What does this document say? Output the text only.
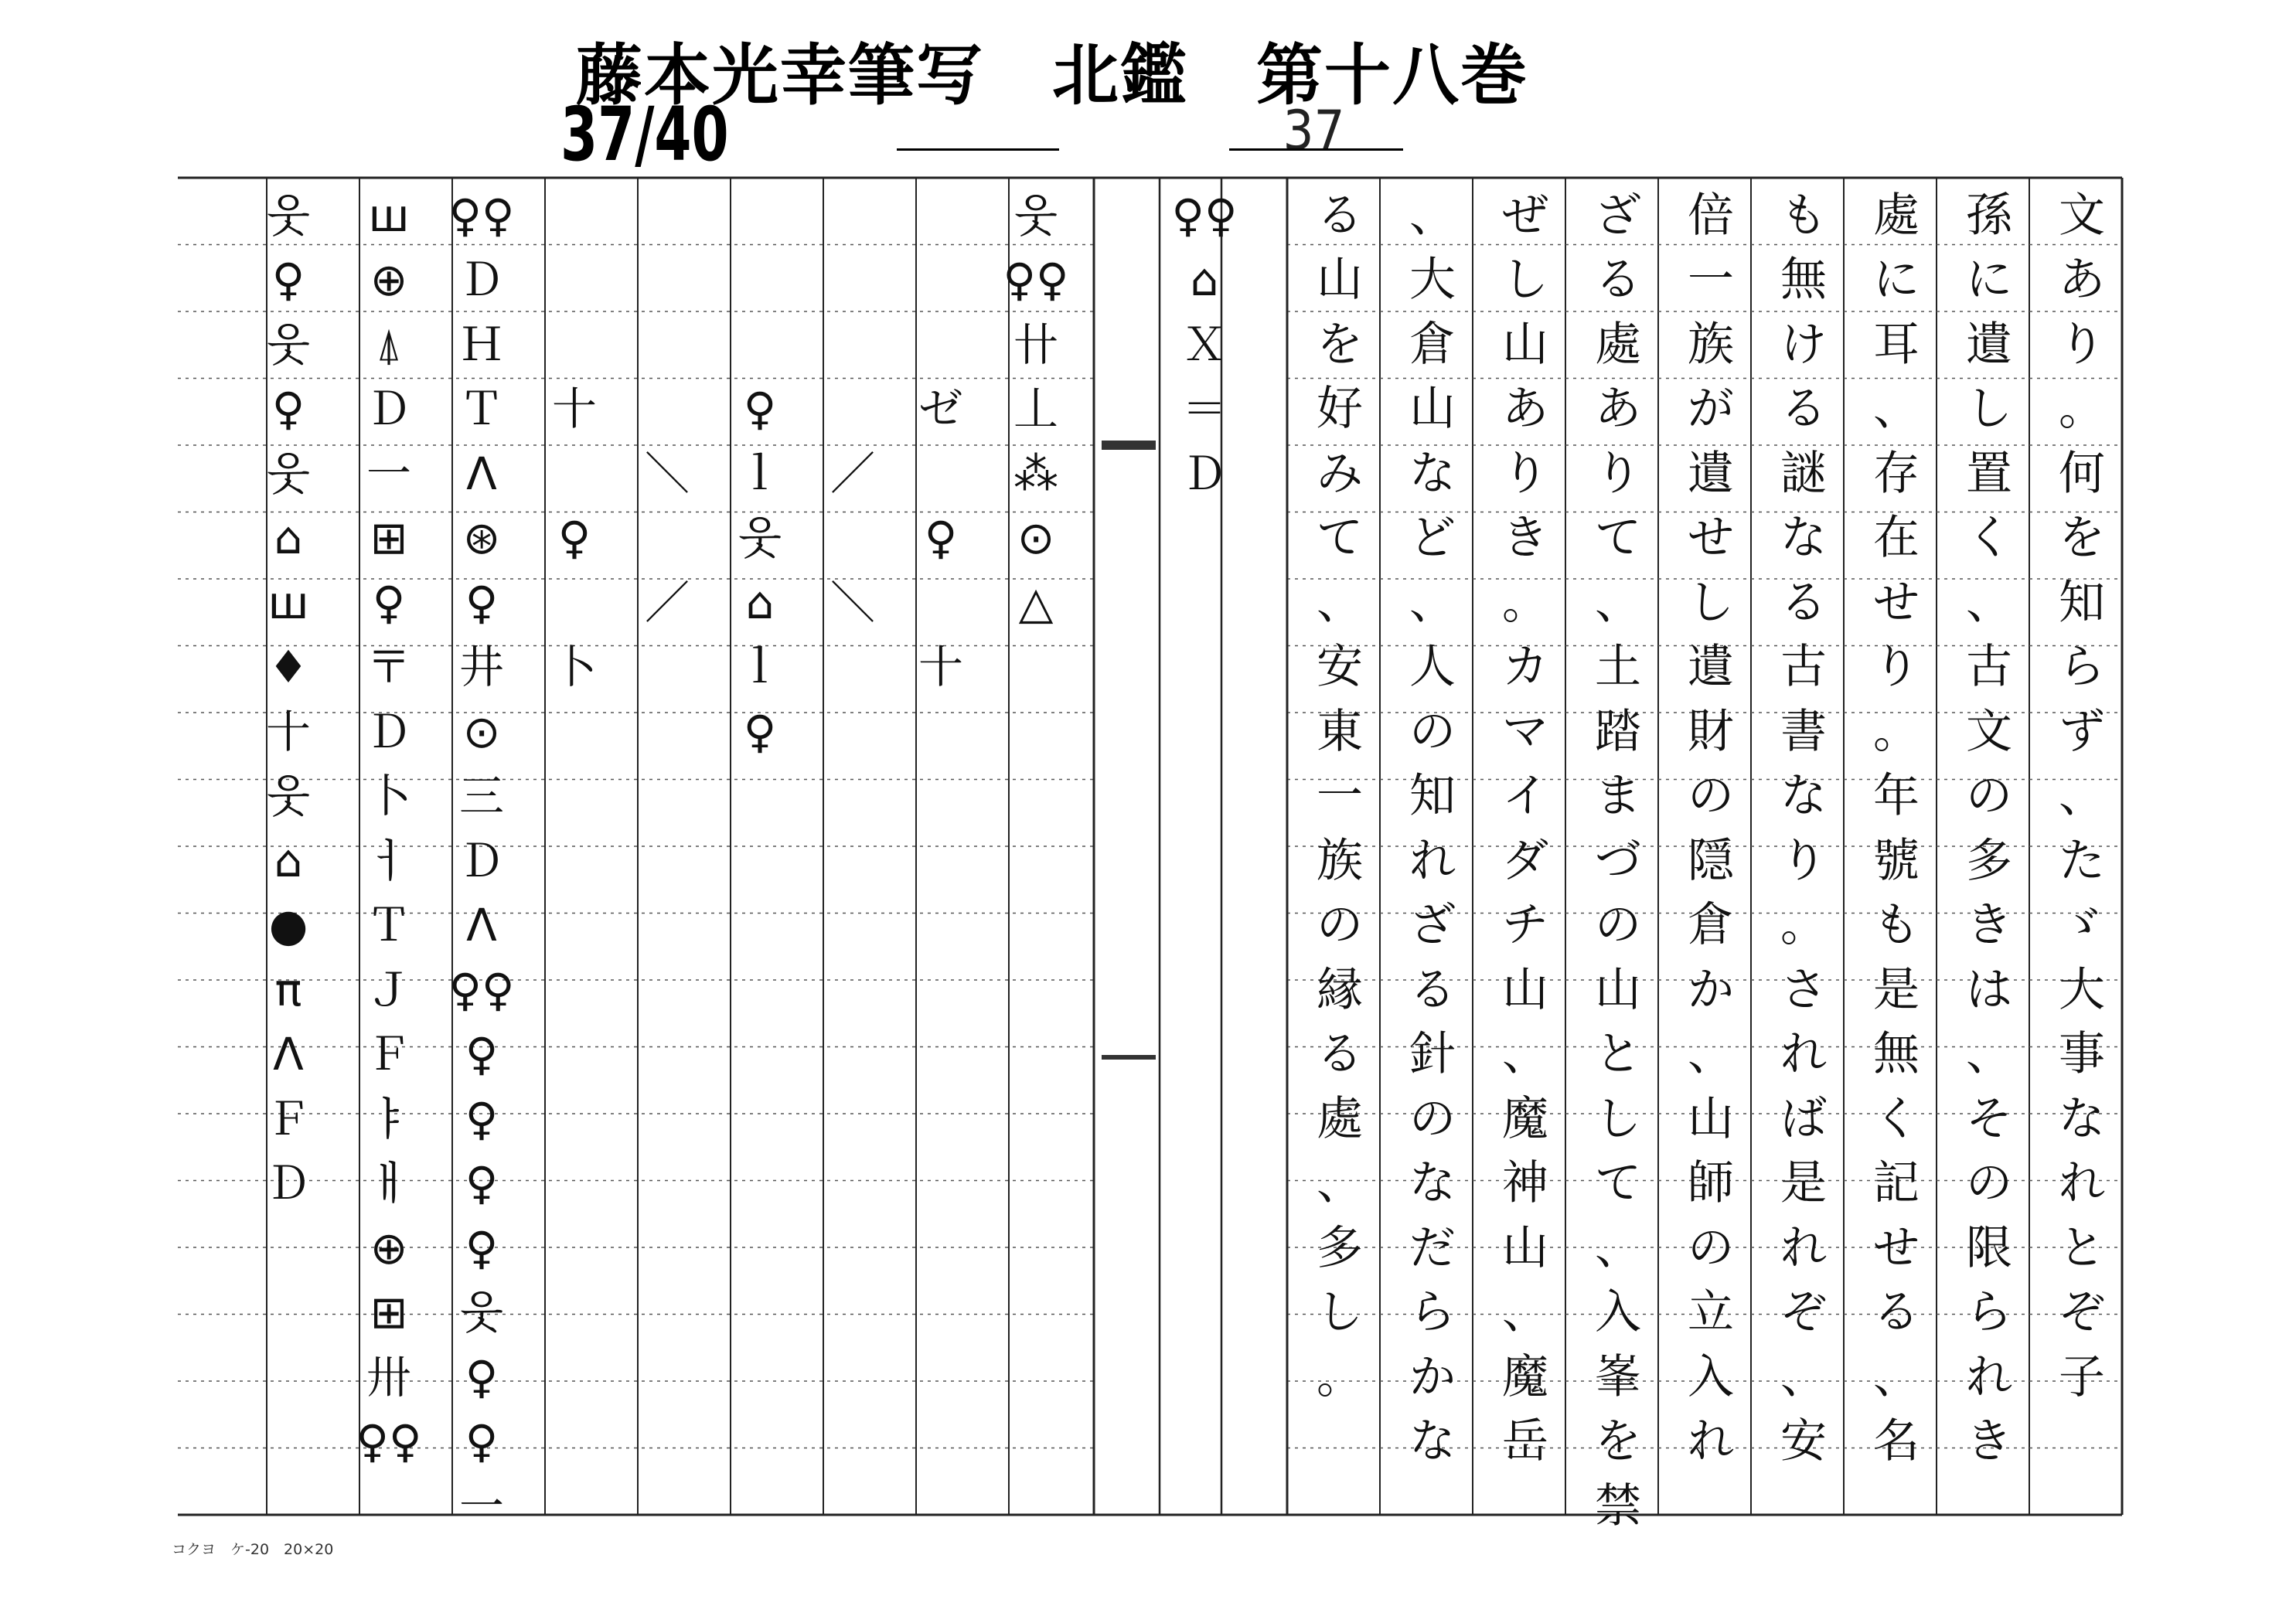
藤本光幸筆写　北鑑　第十八巻
37/40	37
文
あ
り
。
何
を
知
ら
ず
、
た
ゞ
大
事
な
れ
と
ぞ
子
孫
に
遺
し
置
く
、
古
文
の
多
き
は
、
そ
の
限
ら
れ
き
處
に
耳
、
存
在
せ
り
。
年
號
も
是
無
く
記
せ
る
、
名
も
無
け
る
謎
な
る
古
書
な
り
。
さ
れ
ば
是
れ
ぞ
、
安
倍
一
族
が
遺
せ
し
遺
財
の
隠
倉
か
、
山
師
の
立
入
れ
ざ
る
處
あ
り
て
、
土
踏
ま
づ
の
山
と
し
て
、
入
峯
を
禁
ぜ
し
山
あ
り
き
。
カ
マ
イ
ダ
チ
山
、
魔
神
山
、
魔
岳
、
大
倉
山
な
ど
、
人
の
知
れ
ざ
る
針
の
な
だ
ら
か
な
る
山
を
好
み
て
、
安
東
一
族
の
縁
る
處
、
多
し
。
♀♀
⌂
Ｘ
＝
Ｄ
웃
♀♀
卄
丄
⁂
⊙
△
ゼ
♀
十
／
＼
♀
ｌ
웃
⌂
ｌ
♀
＼
／
十
♀
卜
♀♀
Ｄ
Ｈ
Ｔ
Λ
⊛
♀
井
⊙
三
Ｄ
Λ
♀♀
♀
♀
♀
♀
웃
♀
♀
一
ш
⊕
⍋
Ｄ
一
⊞
♀
〒
Ｄ
卜
ㅓ
Ｔ
Ｊ
Ｆ
ㅑ
ㅐ
⊕
⊞
卅
♀♀
웃
♀
웃
♀
웃
⌂
ш
♦
十
웃
⌂
●
π
Λ
Ｆ
Ｄ
コクヨ　ケ-20　20×20
